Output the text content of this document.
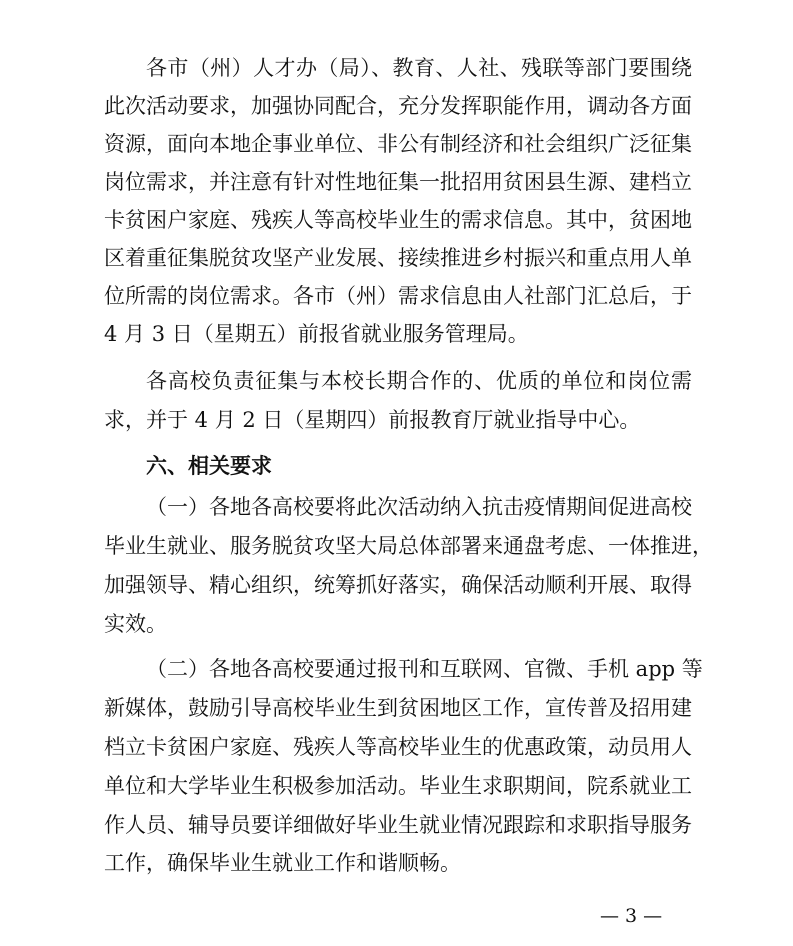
各市（州）人才办（局）、教育、人社、残联等部门要围绕
此次活动要求，加强协同配合，充分发挥职能作用，调动各方面
资源，面向本地企事业单位、非公有制经济和社会组织广泛征集
岗位需求，并注意有针对性地征集一批招用贫困县生源、建档立
卡贫困户家庭、残疾人等高校毕业生的需求信息。其中，贫困地
区着重征集脱贫攻坚产业发展、接续推进乡村振兴和重点用人单
位所需的岗位需求。各市（州）需求信息由人社部门汇总后，于
4 月 3 日（星期五）前报省就业服务管理局。
各高校负责征集与本校长期合作的、优质的单位和岗位需
求，并于 4 月 2 日（星期四）前报教育厅就业指导中心。
六、相关要求
（一）各地各高校要将此次活动纳入抗击疫情期间促进高校
毕业生就业、服务脱贫攻坚大局总体部署来通盘考虑、一体推进，
加强领导、精心组织，统筹抓好落实，确保活动顺利开展、取得
实效。
（二）各地各高校要通过报刊和互联网、官微、手机 app 等
新媒体，鼓励引导高校毕业生到贫困地区工作，宣传普及招用建
档立卡贫困户家庭、残疾人等高校毕业生的优惠政策，动员用人
单位和大学毕业生积极参加活动。毕业生求职期间，院系就业工
作人员、辅导员要详细做好毕业生就业情况跟踪和求职指导服务
工作，确保毕业生就业工作和谐顺畅。
— 3 —
